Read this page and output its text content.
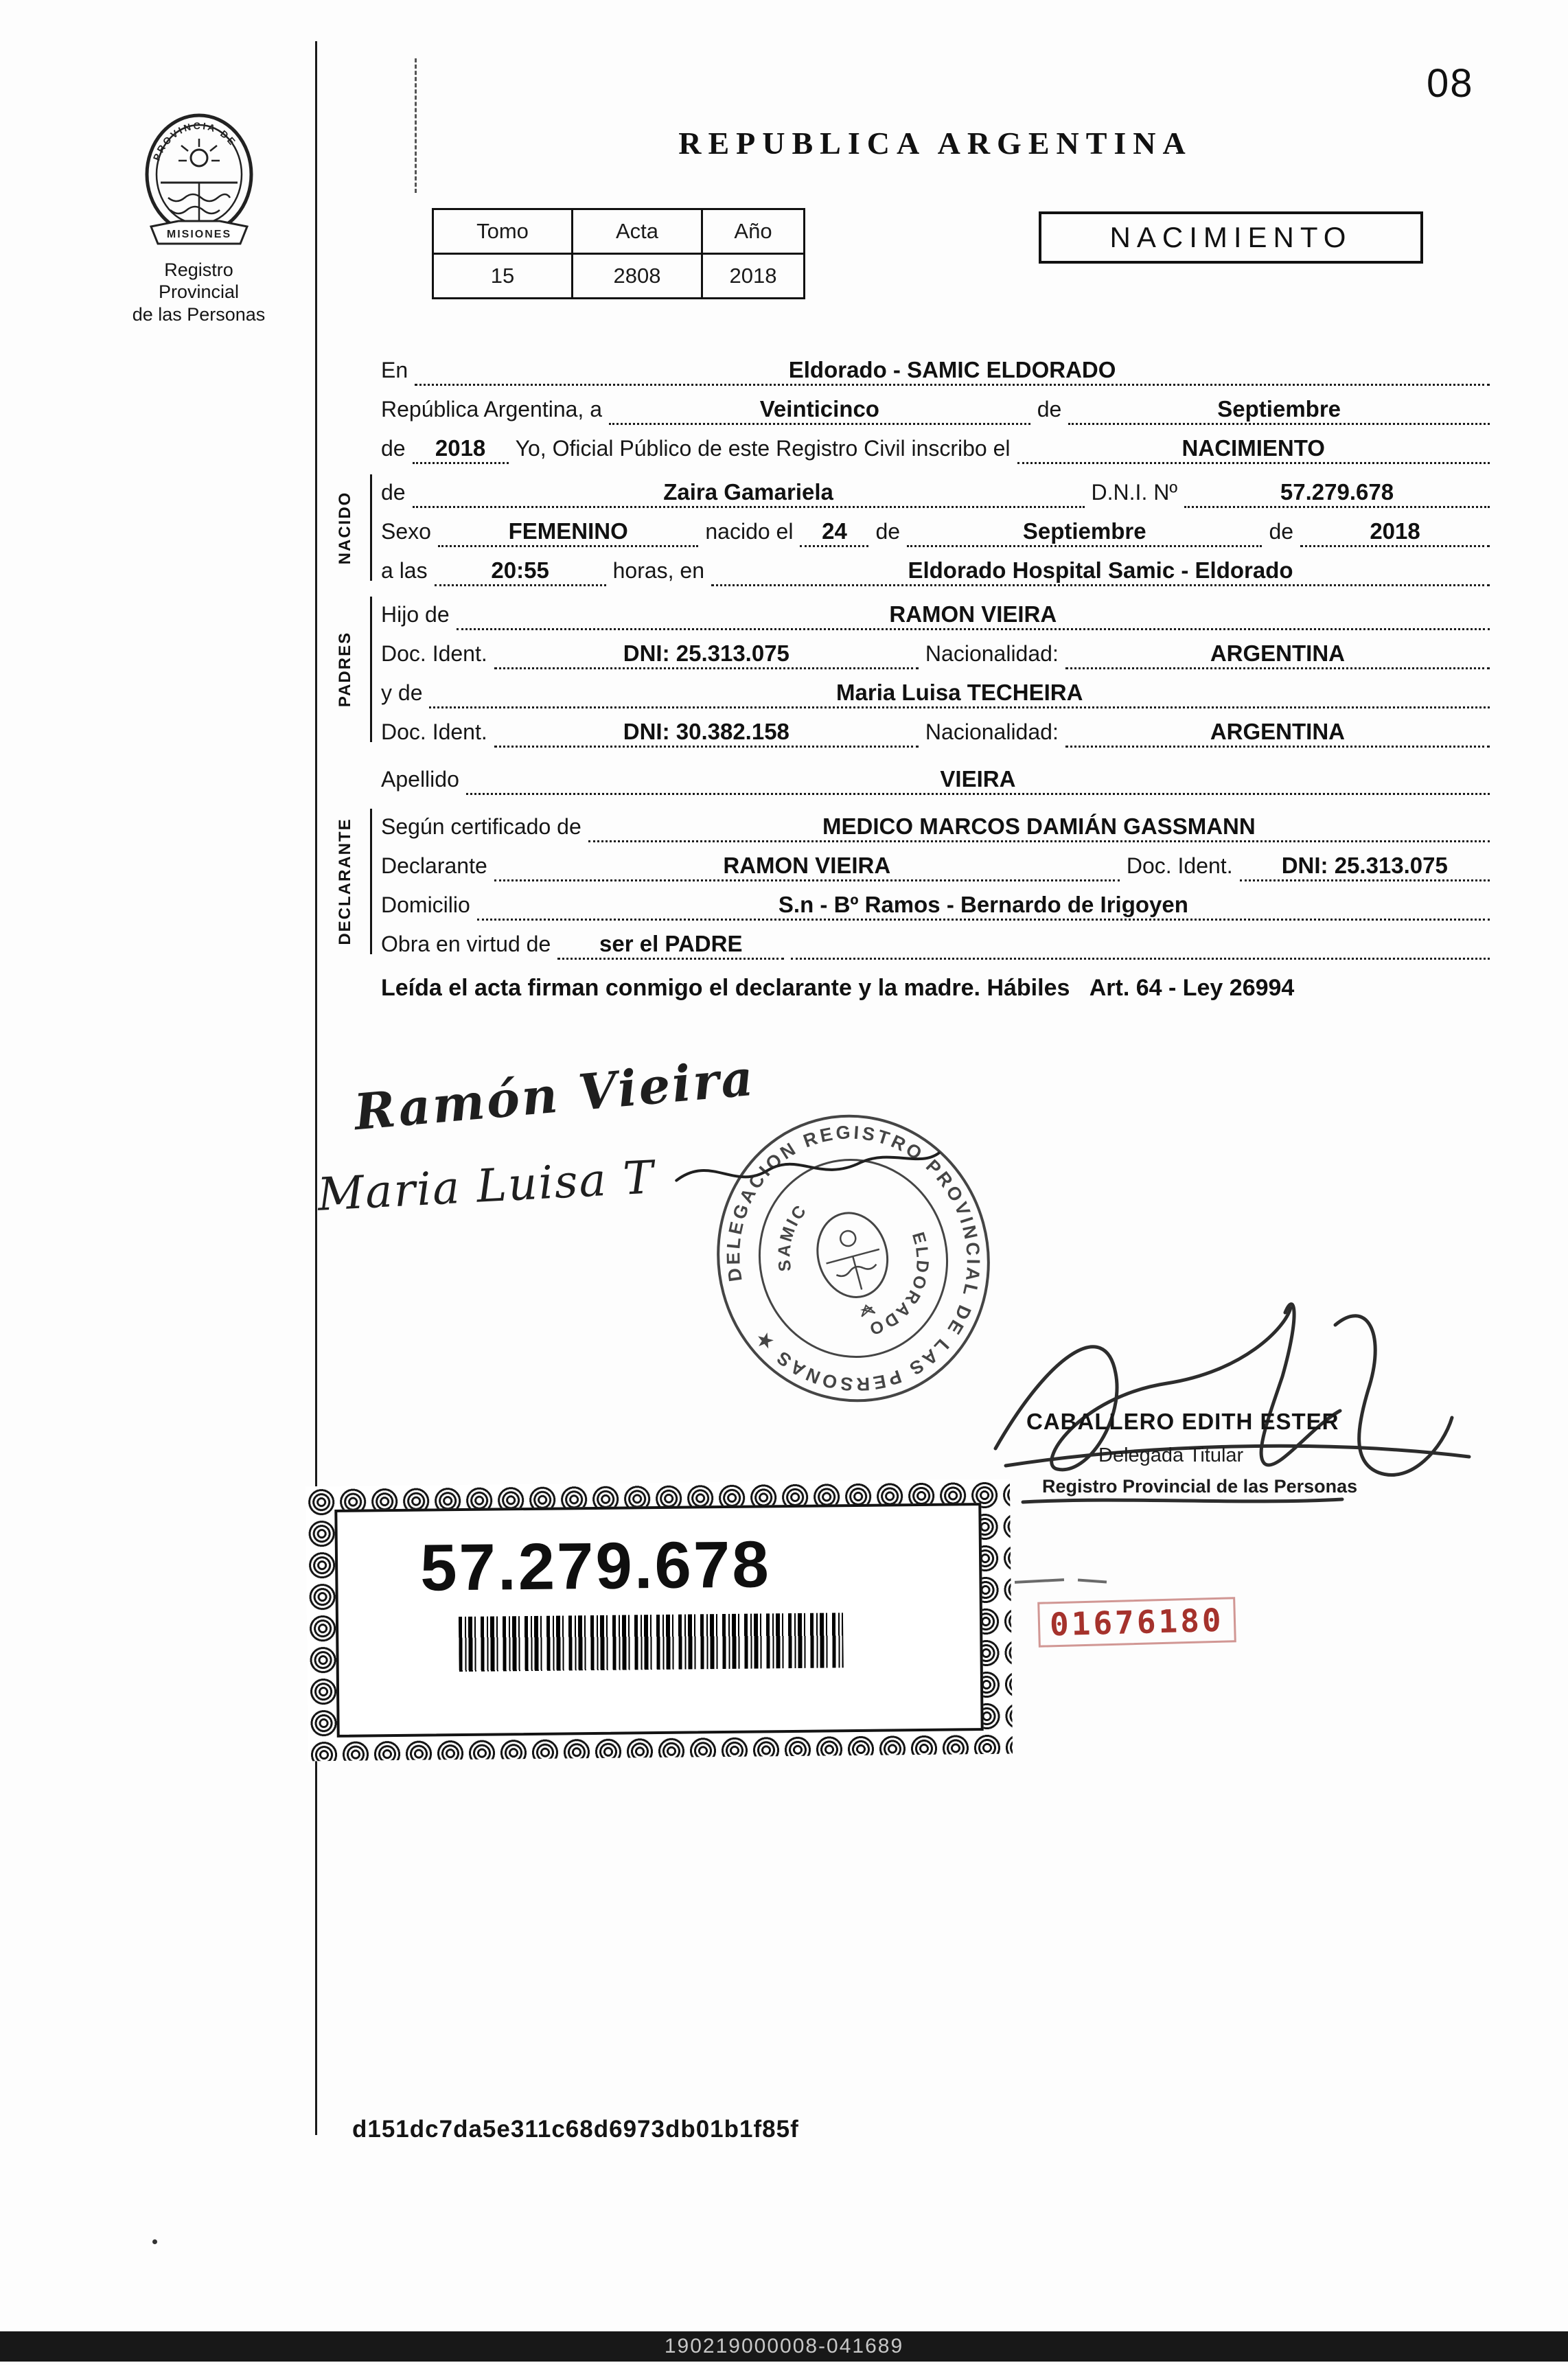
08
PROVINCIA DE
MISIONES
Registro Provincial
de las Personas
REPUBLICA ARGENTINA
Tomo	Acta	Año
15	2808	2018
NACIMIENTO
En	Eldorado - SAMIC ELDORADO
República Argentina, a	Veinticinco	de	Septiembre
de	2018	Yo, Oficial Público de este Registro Civil inscribo el	NACIMIENTO
NACIDO de	Zaira Gamariela	D.N.I. Nº	57.279.678
Sexo	FEMENINO	nacido el	24	de	Septiembre	de	2018
a las	20:55	horas, en	Eldorado Hospital Samic - Eldorado
PADRES
Hijo de	RAMON VIEIRA
Doc. Ident.	DNI: 25.313.075	Nacionalidad:	ARGENTINA
y de	Maria Luisa TECHEIRA
Doc. Ident.	DNI: 30.382.158	Nacionalidad:	ARGENTINA
Apellido	VIEIRA
DECLARANTE Según certificado de	MEDICO MARCOS DAMIÁN GASSMANN
Declarante	RAMON VIEIRA	Doc. Ident.	DNI: 25.313.075
Domicilio	S.n - Bº Ramos - Bernardo de Irigoyen
Obra en virtud de	ser el PADRE
Leída el acta firman conmigo el declarante y la madre. Hábiles   Art. 64 - Ley 26994
Ramón Vieira
Maria Luisa T
DELEGACION REGISTRO PROVINCIAL DE LAS PERSONAS ★
SAMIC
ELDORADO
CABALLERO EDITH ESTER
Delegada Titular
Registro Provincial de las Personas
57.279.678
01676180
d151dc7da5e311c68d6973db01b1f85f
190219000008-041689
